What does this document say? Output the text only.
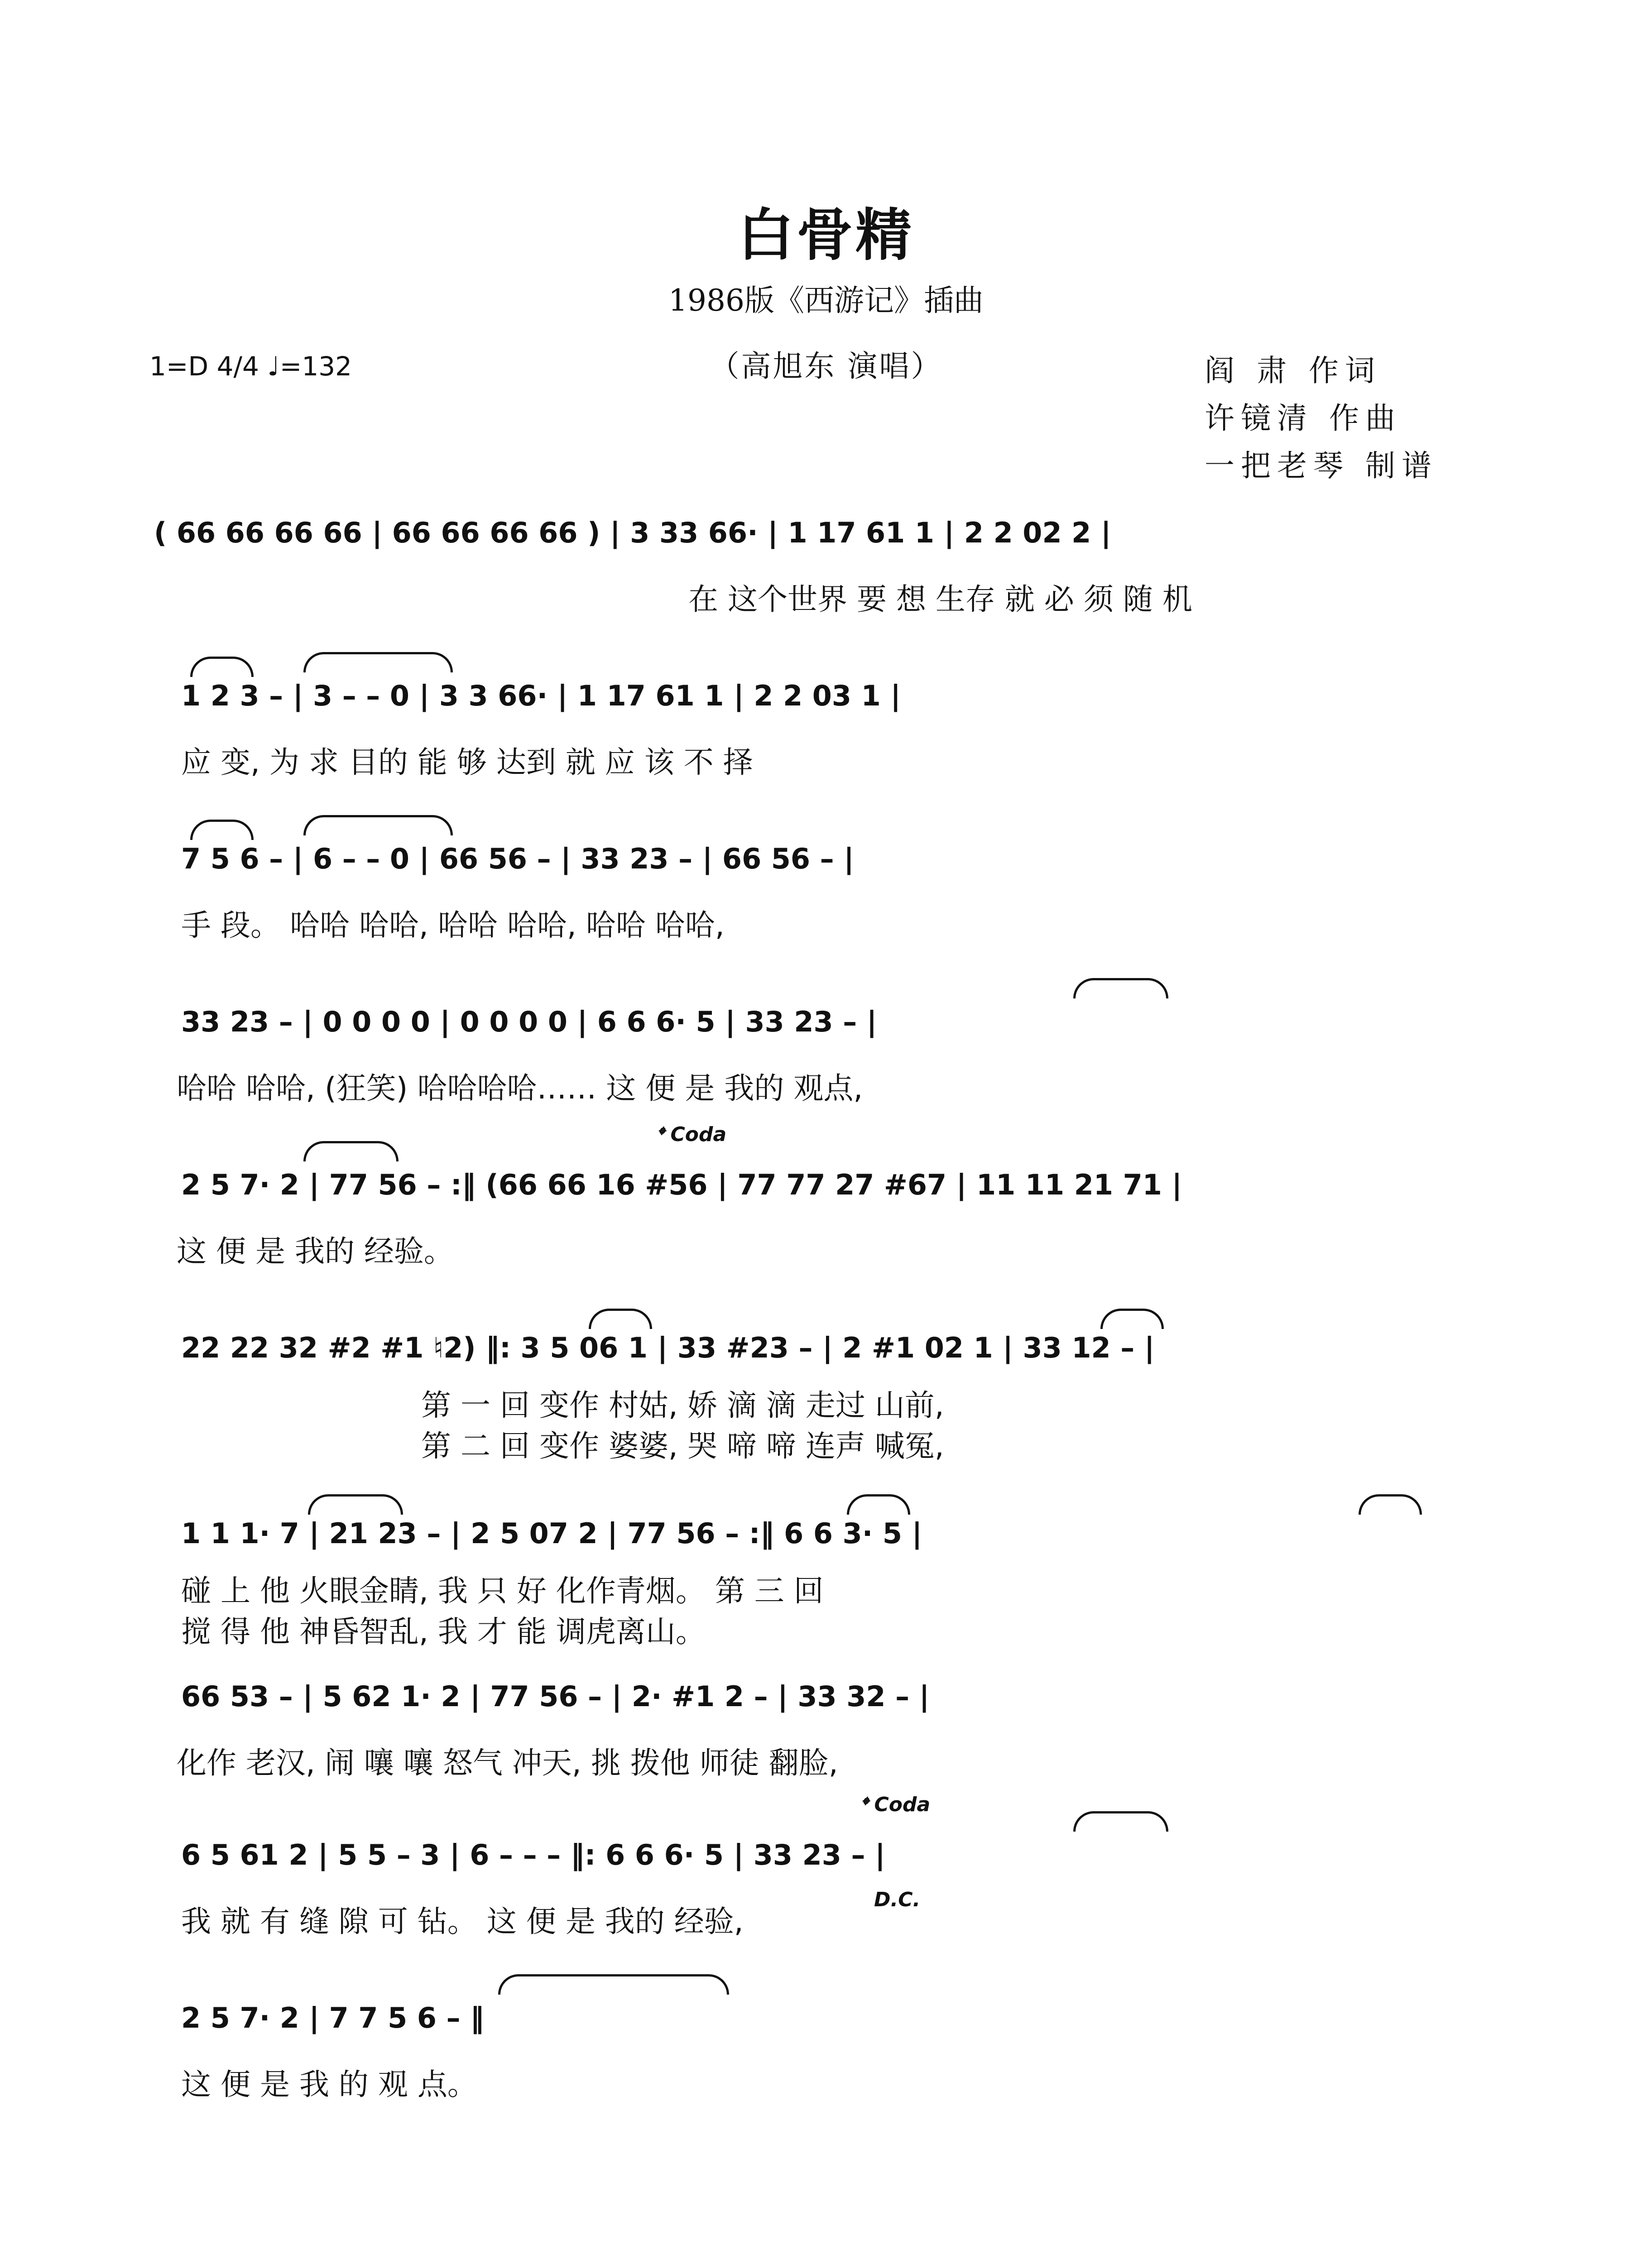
白骨精
1986版《西游记》插曲
（高旭东 演唱）
1=D 4/4 ♩=132	阎 肃 作词
许镜清 作曲
一把老琴 制谱
( 66 66 66 66 | 66 66 66 66 ) | 3 33 66· | 1 17 61 1 | 2 2 02 2 |
在 这个世界 要 想 生存 就 必 须 随 机
1 2 3 – | 3 – – 0 | 3 3 66· | 1 17 61 1 | 2 2 03 1 |
应 变, 为 求 目的 能 够 达到 就 应 该 不 择
7 5 6 – | 6 – – 0 | 66 56 – | 33 23 – | 66 56 – |
手 段。 哈哈 哈哈, 哈哈 哈哈, 哈哈 哈哈,
33 23 – | 0 0 0 0 | 0 0 0 0 | 6 6 6· 5 | 33 23 – |
哈哈 哈哈, (狂笑) 哈哈哈哈…… 这 便 是 我的 观点,
𝄌 Coda
2 5 7· 2 | 77 56 – :‖ (66 66 16 #56 | 77 77 27 #67 | 11 11 21 71 |
这 便 是 我的 经验。
22 22 32 #2 #1 ♮2) ‖: 3 5 06 1 | 33 #23 – | 2 #1 02 1 | 33 12 – |
第 一 回 变作 村姑, 娇 滴 滴 走过 山前,
第 二 回 变作 婆婆, 哭 啼 啼 连声 喊冤,
1 1 1· 7 | 21 23 – | 2 5 07 2 | 77 56 – :‖ 6 6 3· 5 |
碰 上 他 火眼金睛, 我 只 好 化作青烟。 第 三 回
搅 得 他 神昏智乱, 我 才 能 调虎离山。
66 53 – | 5 62 1· 2 | 77 56 – | 2· #1 2 – | 33 32 – |
化作 老汉, 闹 嚷 嚷 怒气 冲天, 挑 拨他 师徒 翻脸,
𝄌 Coda
D.C.
6 5 61 2 | 5 5 – 3 | 6 – – – ‖: 6 6 6· 5 | 33 23 – |
我 就 有 缝 隙 可 钻。 这 便 是 我的 经验,
2 5 7· 2 | 7 7 5 6 – ‖
这 便 是 我 的 观 点。
